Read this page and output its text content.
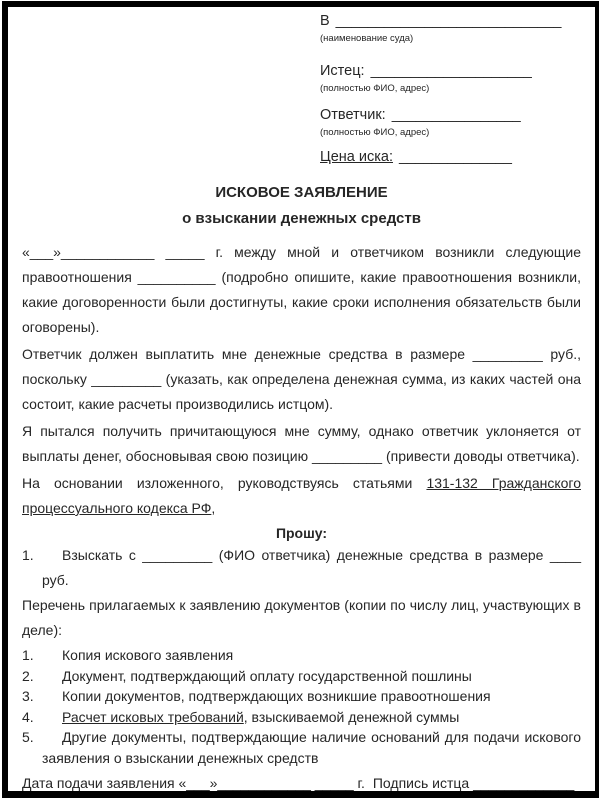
В ____________________________
(наименование суда)
Истец: ____________________
(полностью ФИО, адрес)
Ответчик: ________________
(полностью ФИО, адрес)
Цена иска: ______________
ИСКОВОЕ ЗАЯВЛЕНИЕ
о взыскании денежных средств

«___»____________ _____ г. между мной и ответчиком возникли следующие правоотношения __________ (подробно опишите, какие правоотношения возникли, какие договоренности были достигнуты, какие сроки исполнения обязательств были оговорены).

Ответчик должен выплатить мне денежные средства в размере _________ руб., поскольку _________ (указать, как определена денежная сумма, из каких частей она состоит, какие расчеты производились истцом).

Я пытался получить причитающуюся мне сумму, однако ответчик уклоняется от выплаты денег, обосновывая свою позицию _________ (привести доводы ответчика).

На основании изложенного, руководствуясь статьями 131-132 Гражданского процессуального кодекса РФ,

Прошу:
1. Взыскать с _________ (ФИО ответчика) денежные средства в размере ____ руб.

Перечень прилагаемых к заявлению документов (копии по числу лиц, участвующих в деле):

1. Копия искового заявления
2. Документ, подтверждающий оплату государственной пошлины
3. Копии документов, подтверждающих возникшие правоотношения
4. Расчет исковых требований, взыскиваемой денежной суммы
5. Другие документы, подтверждающие наличие оснований для подачи искового заявления о взыскании денежных средств
Дата подачи заявления «___»____________ _____ г. Подпись истца _____________
